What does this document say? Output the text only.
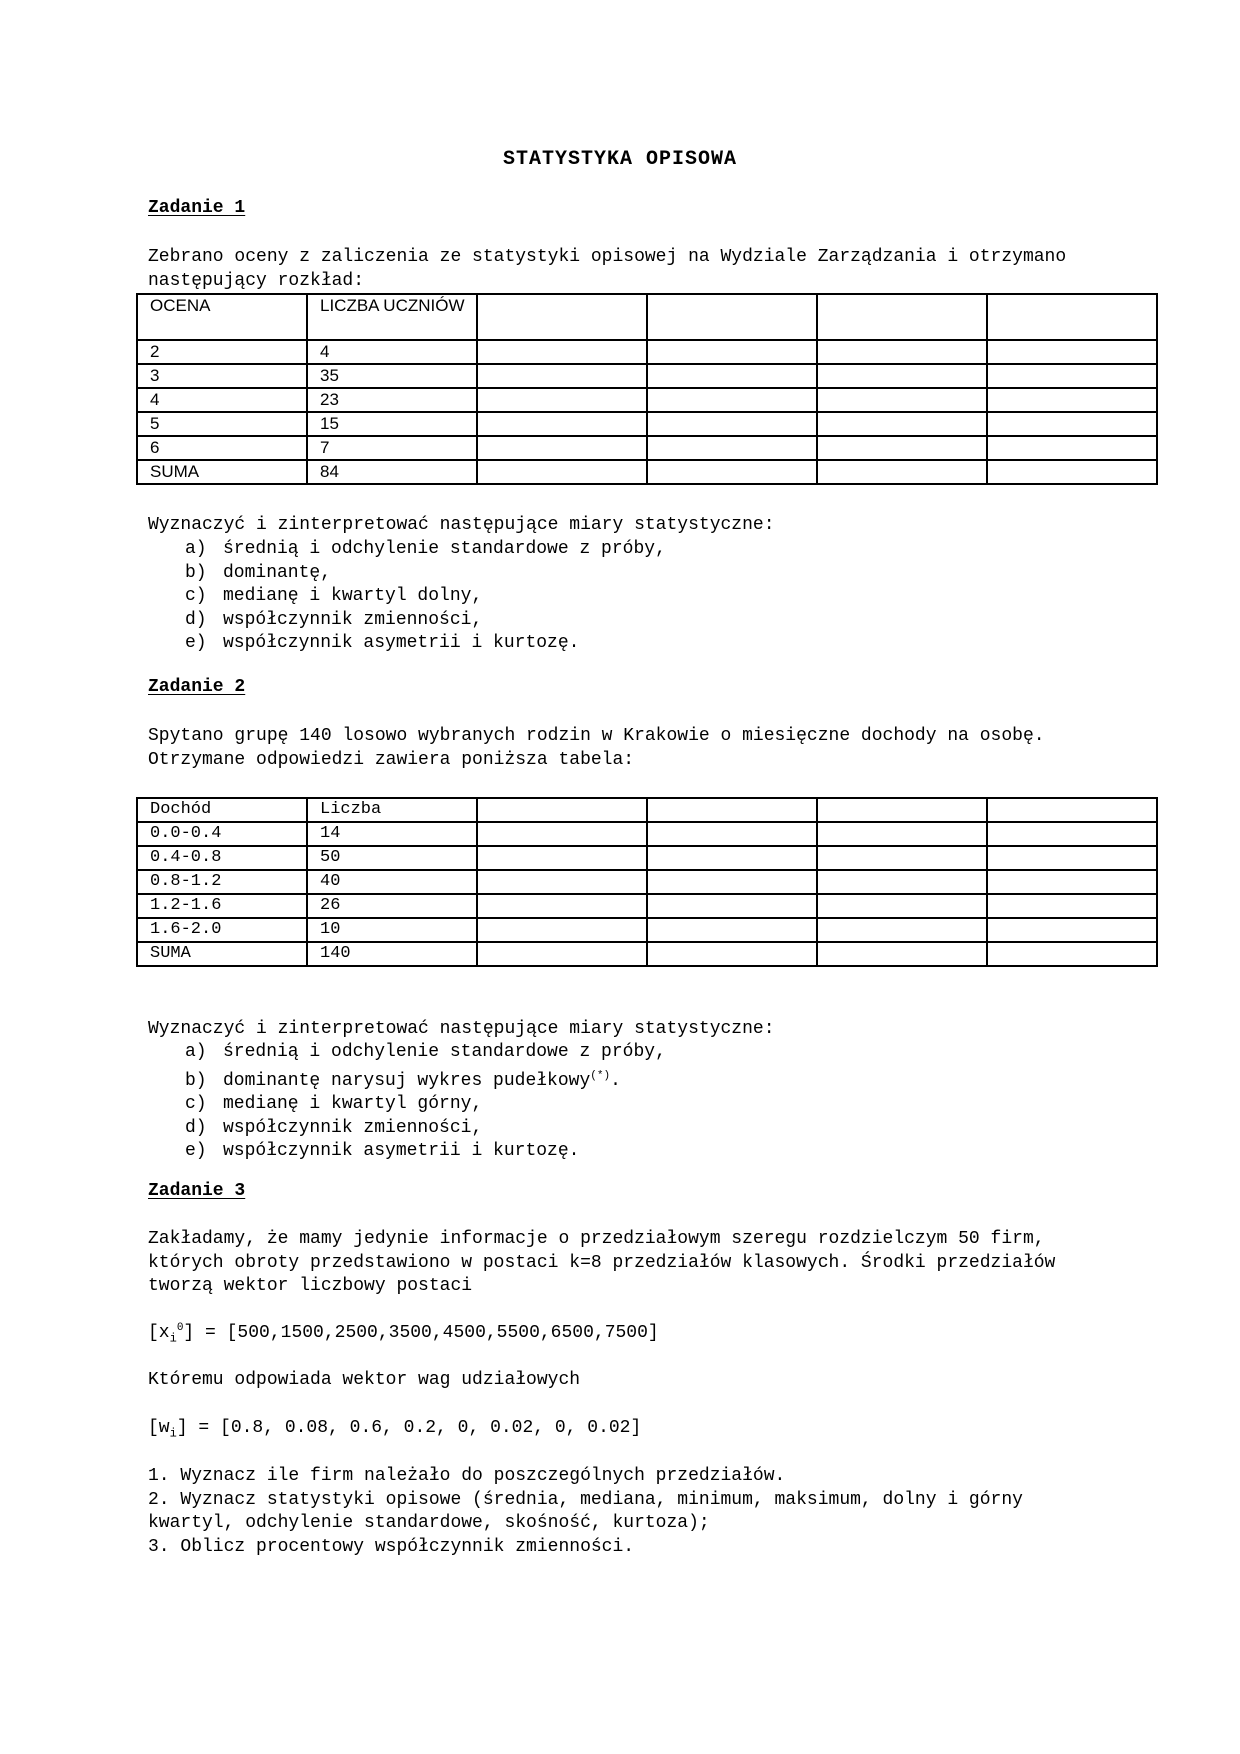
STATYSTYKA OPISOWA
Zadanie 1

Zebrano oceny z zaliczenia ze statystyki opisowej na Wydziale Zarządzania i otrzymano następujący rozkład:

OCENA	LICZBA UCZNIÓW				
2	4				
3	35				
4	23				
5	15				
6	7				
SUMA	84				
Wyznaczyć i zinterpretować następujące miary statystyczne:
a) średnią i odchylenie standardowe z próby,
b) dominantę,
c) medianę i kwartyl dolny,
d) współczynnik zmienności,
e) współczynnik asymetrii i kurtozę.
Zadanie 2

Spytano grupę 140 losowo wybranych rodzin w Krakowie o miesięczne dochody na osobę. Otrzymane odpowiedzi zawiera poniższa tabela:

Dochód	Liczba				
0.0-0.4	14				
0.4-0.8	50				
0.8-1.2	40				
1.2-1.6	26				
1.6-2.0	10				
SUMA	140				
Wyznaczyć i zinterpretować następujące miary statystyczne:
a) średnią i odchylenie standardowe z próby,
b) dominantę narysuj wykres pudełkowy(*).
c) medianę i kwartyl górny,
d) współczynnik zmienności,
e) współczynnik asymetrii i kurtozę.
Zadanie 3

Zakładamy, że mamy jedynie informacje o przedziałowym szeregu rozdzielczym 50 firm, których obroty przedstawiono w postaci k=8 przedziałów klasowych. Środki przedziałów tworzą wektor liczbowy postaci

$[x_i^0] = [500,1500,2500,3500,4500,5500,6500,7500]$
Któremu odpowiada wektor wag udziałowych
$[w_i] = [0.8$, 0.08, 0.6, 0.2, 0, 0.02, 0, 0.02]
1. Wyznacz ile firm należało do poszczególnych przedziałów.
2. Wyznacz statystyki opisowe (średnia, mediana, minimum, maksimum, dolny i górny kwartyl, odchylenie standardowe, skośność, kurtoza);
3. Oblicz procentowy współczynnik zmienności.
